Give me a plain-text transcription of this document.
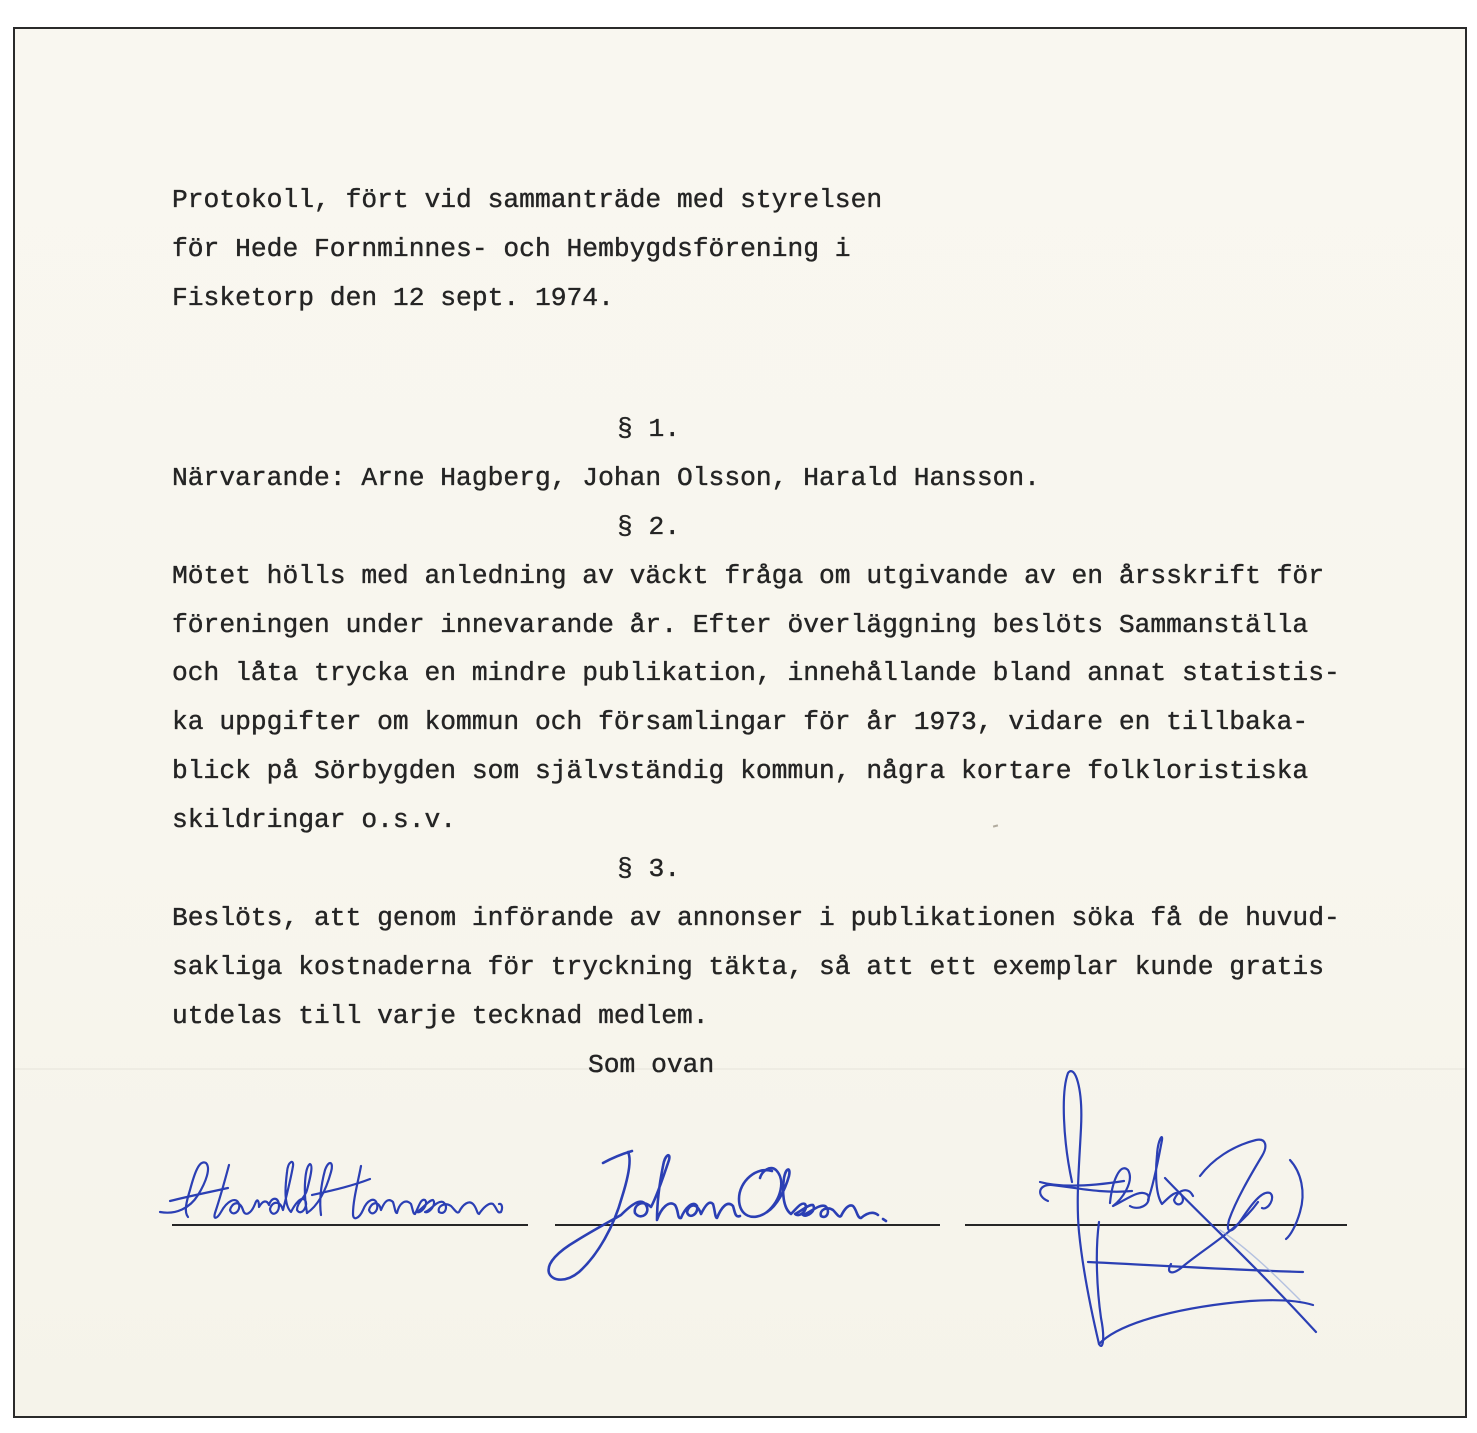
Protokoll, fört vid sammanträde med styrelsen
för Hede Fornminnes- och Hembygdsförening i
Fisketorp den 12 sept. 1974.
§ 1.
Närvarande: Arne Hagberg, Johan Olsson, Harald Hansson.
§ 2.
Mötet hölls med anledning av väckt fråga om utgivande av en årsskrift för
föreningen under innevarande år. Efter överläggning beslöts Sammanställa
och låta trycka en mindre publikation, innehållande bland annat statistis-
ka uppgifter om kommun och församlingar för år 1973, vidare en tillbaka-
blick på Sörbygden som självständig kommun, några kortare folkloristiska
skildringar o.s.v.
§ 3.
Beslöts, att genom införande av annonser i publikationen söka få de huvud-
sakliga kostnaderna för tryckning täkta, så att ett exemplar kunde gratis
utdelas till varje tecknad medlem.
Som ovan
